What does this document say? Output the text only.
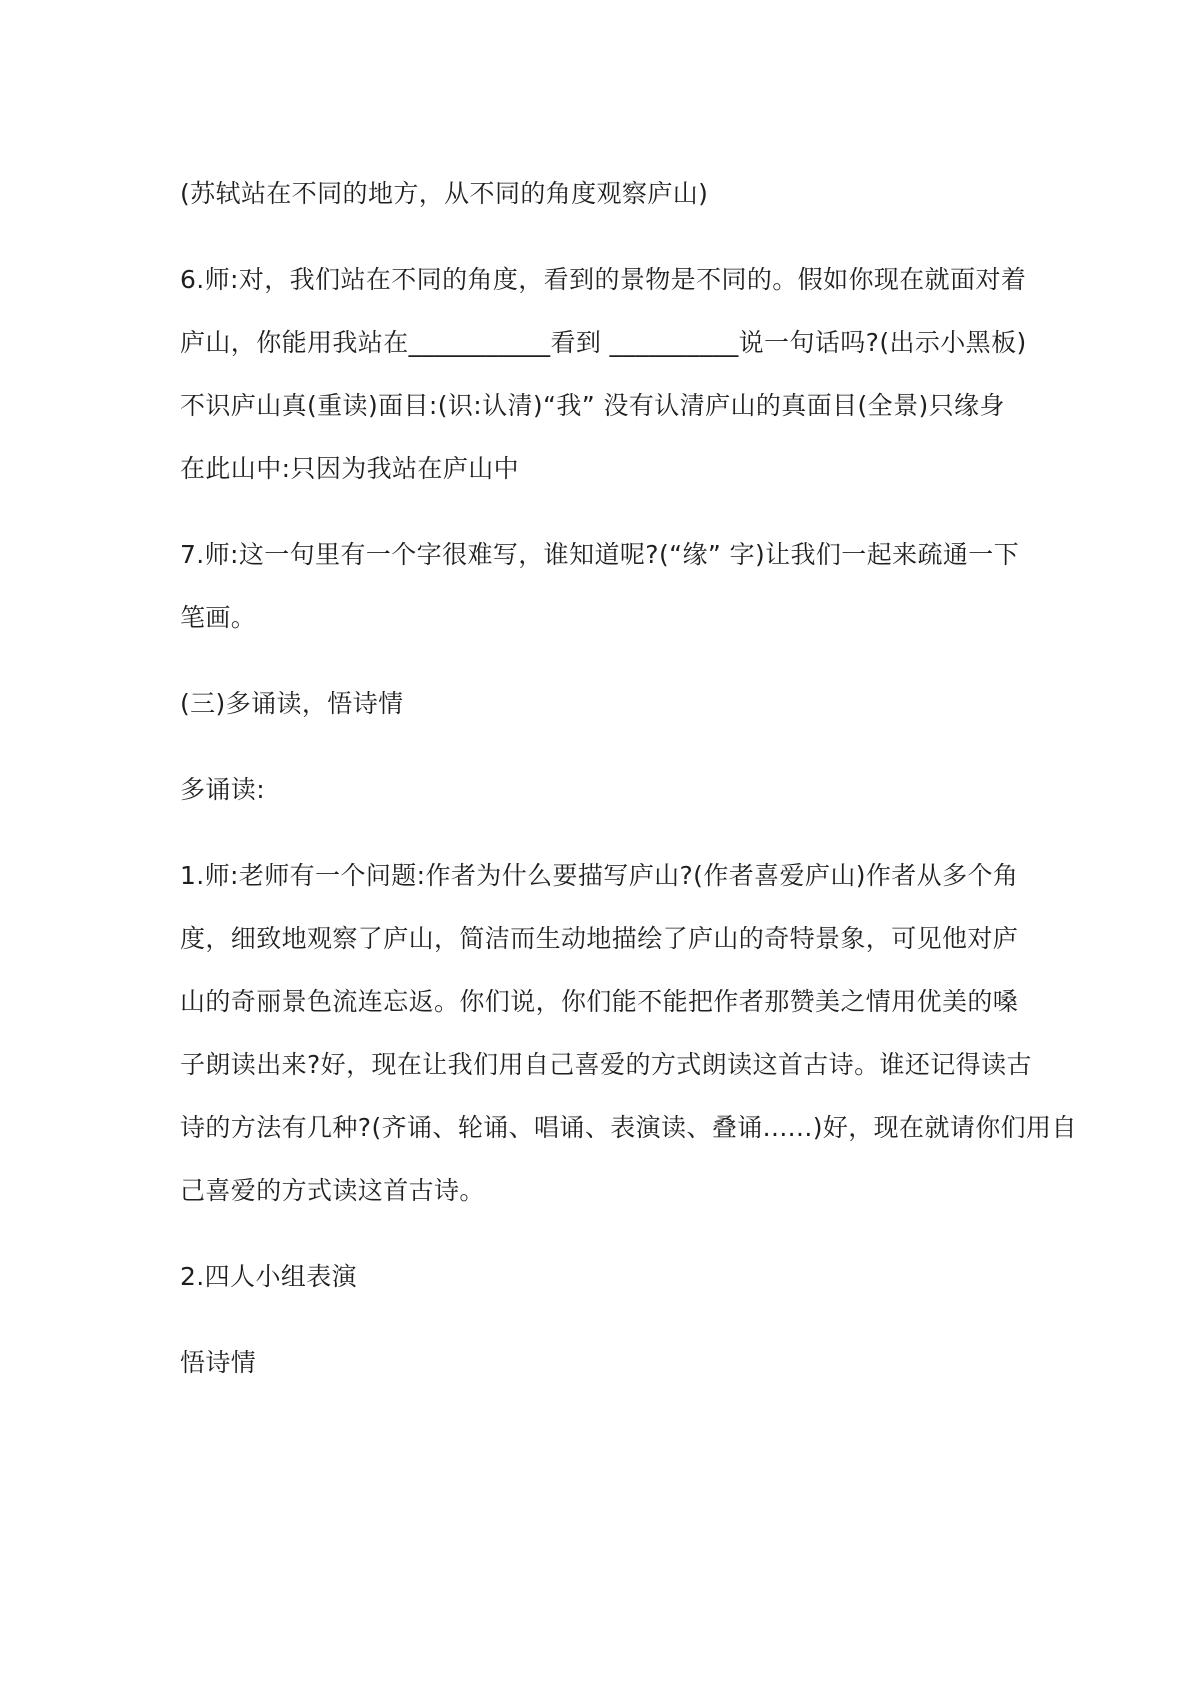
(苏轼站在不同的地方，从不同的角度观察庐山)

6.师:对，我们站在不同的角度，看到的景物是不同的。假如你现在就面对着
庐山，你能用我站在___________看到 __________说一句话吗?(出示小黑板)
不识庐山真(重读)面目:(识:认清)“我” 没有认清庐山的真面目(全景)只缘身
在此山中:只因为我站在庐山中

7.师:这一句里有一个字很难写，谁知道呢?(“缘” 字)让我们一起来疏通一下
笔画。

(三)多诵读，悟诗情

多诵读:

1.师:老师有一个问题:作者为什么要描写庐山?(作者喜爱庐山)作者从多个角
度，细致地观察了庐山，简洁而生动地描绘了庐山的奇特景象，可见他对庐
山的奇丽景色流连忘返。你们说，你们能不能把作者那赞美之情用优美的嗓
子朗读出来?好，现在让我们用自己喜爱的方式朗读这首古诗。谁还记得读古
诗的方法有几种?(齐诵、轮诵、唱诵、表演读、叠诵......)好，现在就请你们用自
己喜爱的方式读这首古诗。

2.四人小组表演

悟诗情
